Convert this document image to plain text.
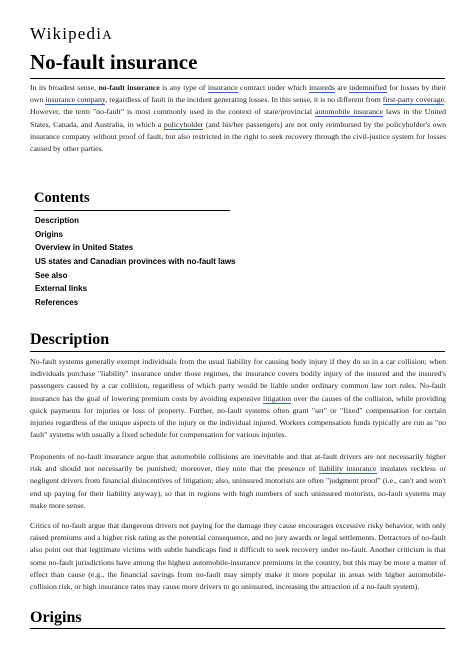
WikipediA
No-fault insurance

In its broadest sense, no-fault insurance is any type of insurance contract under which insureds are indemnified for losses by their own insurance company, regardless of fault in the incident generating losses. In this sense, it is no different from first-party coverage. However, the term "no-fault" is most commonly used in the context of state/provincial automobile insurance laws in the United States, Canada, and Australia, in which a policyholder (and his/her passengers) are not only reimbursed by the policyholder's own insurance company without proof of fault, but also restricted in the right to seek recovery through the civil-justice system for losses caused by other parties.

Contents
Description
Origins
Overview in United States
US states and Canadian provinces with no-fault laws
See also
External links
References
Description

No-fault systems generally exempt individuals from the usual liability for causing body injury if they do so in a car collision; when individuals purchase "liability" insurance under those regimes, the insurance covers bodily injury of the insured and the insured's passengers caused by a car collision, regardless of which party would be liable under ordinary common law tort rules. No-fault insurance has the goal of lowering premium costs by avoiding expensive litigation over the causes of the collision, while providing quick payments for injuries or loss of property. Further, no-fault systems often grant "set" or "fixed" compensation for certain injuries regardless of the unique aspects of the injury or the individual injured. Workers compensation funds typically are run as "no fault" systems with usually a fixed schedule for compensation for various injuries.

Proponents of no-fault insurance argue that automobile collisions are inevitable and that at-fault drivers are not necessarily higher risk and should not necessarily be punished; moreover, they note that the presence of liability insurance insulates reckless or negligent drivers from financial disincentives of litigation; also, uninsured motorists are often "judgment proof" (i.e., can't and won't end up paying for their liability anyway), so that in regions with high numbers of such uninsured motorists, no-fault systems may make more sense.

Critics of no-fault argue that dangerous drivers not paying for the damage they cause encourages excessive risky behavior, with only raised premiums and a higher risk rating as the potential consequence, and no jury awards or legal settlements. Detractors of no-fault also point out that legitimate victims with subtle handicaps find it difficult to seek recovery under no-fault. Another criticism is that some no-fault jurisdictions have among the highest automobile-insurance premiums in the country, but this may be more a matter of effect than cause (e.g., the financial savings from no-fault may simply make it more popular in areas with higher automobile-collision risk, or high insurance rates may cause more drivers to go uninsured, increasing the attraction of a no-fault system).

Origins
